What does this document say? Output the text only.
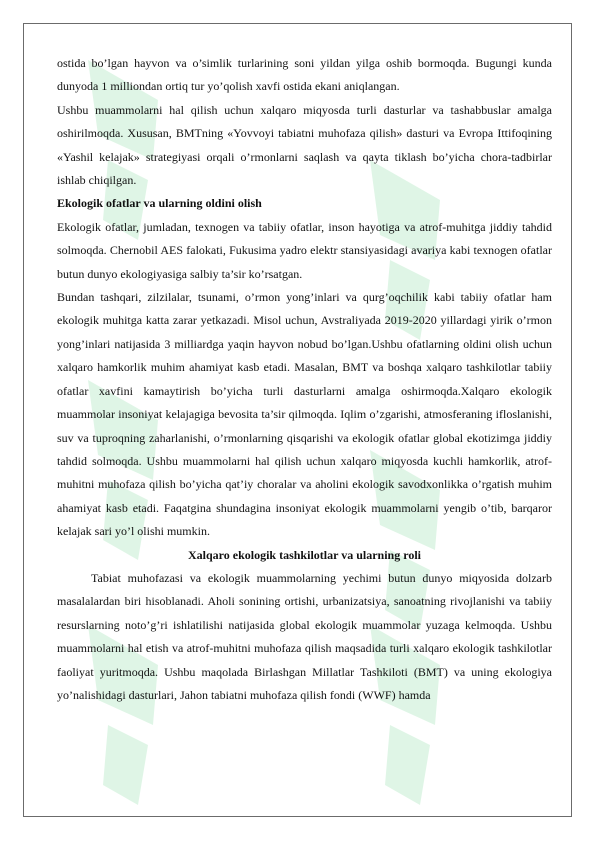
ostida bo’lgan hayvon va o’simlik turlarining soni yildan yilga oshib bormoqda. Bugungi kunda dunyoda 1 milliondan ortiq tur yo’qolish xavfi ostida ekani aniqlangan.

Ushbu muammolarni hal qilish uchun xalqaro miqyosda turli dasturlar va tashabbuslar amalga oshirilmoqda. Xususan, BMTning «Yovvoyi tabiatni muhofaza qilish» dasturi va Evropa Ittifoqining «Yashil kelajak» strategiyasi orqali o’rmonlarni saqlash va qayta tiklash bo’yicha chora-tadbirlar ishlab chiqilgan.

Ekologik ofatlar va ularning oldini olish

Ekologik ofatlar, jumladan, texnogen va tabiiy ofatlar, inson hayotiga va atrof-muhitga jiddiy tahdid solmoqda. Chernobil AES falokati, Fukusima yadro elektr stansiyasidagi avariya kabi texnogen ofatlar butun dunyo ekologiyasiga salbiy ta’sir ko’rsatgan.

Bundan tashqari, zilzilalar, tsunami, o’rmon yong’inlari va qurg’oqchilik kabi tabiiy ofatlar ham ekologik muhitga katta zarar yetkazadi. Misol uchun, Avstraliyada 2019-2020 yillardagi yirik o’rmon yong’inlari natijasida 3 milliardga yaqin hayvon nobud bo’lgan.Ushbu ofatlarning oldini olish uchun xalqaro hamkorlik muhim ahamiyat kasb etadi. Masalan, BMT va boshqa xalqaro tashkilotlar tabiiy ofatlar xavfini kamaytirish bo’yicha turli dasturlarni amalga oshirmoqda.Xalqaro ekologik muammolar insoniyat kelajagiga bevosita ta’sir qilmoqda. Iqlim o’zgarishi, atmosferaning ifloslanishi, suv va tuproqning zaharlanishi, o’rmonlarning qisqarishi va ekologik ofatlar global ekotizimga jiddiy tahdid solmoqda. Ushbu muammolarni hal qilish uchun xalqaro miqyosda kuchli hamkorlik, atrof-muhitni muhofaza qilish bo’yicha qat’iy choralar va aholini ekologik savodxonlikka o’rgatish muhim ahamiyat kasb etadi. Faqatgina shundagina insoniyat ekologik muammolarni yengib o’tib, barqaror kelajak sari yo’l olishi mumkin.

Xalqaro ekologik tashkilotlar va ularning roli

Tabiat muhofazasi va ekologik muammolarning yechimi butun dunyo miqyosida dolzarb masalalardan biri hisoblanadi. Aholi sonining ortishi, urbanizatsiya, sanoatning rivojlanishi va tabiiy resurslarning noto’g’ri ishlatilishi natijasida global ekologik muammolar yuzaga kelmoqda. Ushbu muammolarni hal etish va atrof-muhitni muhofaza qilish maqsadida turli xalqaro ekologik tashkilotlar faoliyat yuritmoqda. Ushbu maqolada Birlashgan Millatlar Tashkiloti (BMT) va uning ekologiya yo’nalishidagi dasturlari, Jahon tabiatni muhofaza qilish fondi (WWF) hamda
